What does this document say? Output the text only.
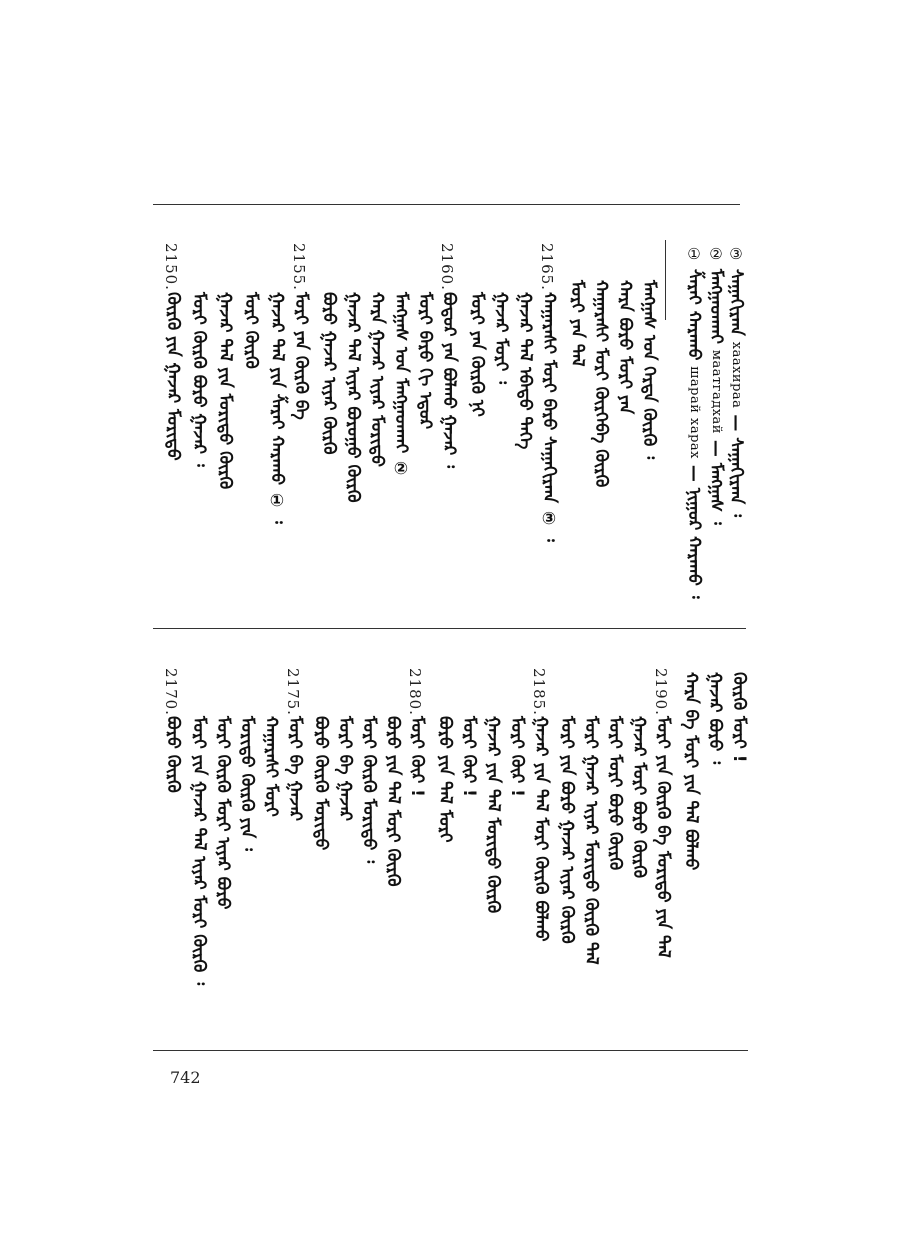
③ ᠰᠠᠭᠠᠬᠢᠷᠬᠠ хаахираа — ᠰᠠᠭᠠᠬᠢᠷᠬᠠ ᠄
② ᠮᠠᠩᠭᠠᠳᠬᠠᠢ маатгадхай — ᠮᠠᠩᠭᠠᠰ ᠄
① ᠱᠠᠷᠠᠢ ᠬᠠᠷᠠᠬᠤ шарай харах — ᠨᠢᠭᠤᠷ ᠬᠠᠷᠠᠬᠤ ᠄
ᠮᠠᠩᠭᠠᠰ ᠤᠨ ᠭᠡᠷᠲᠡ ᠬᠦᠷᠬᠦ ᠄
ᠬᠠᠷᠠ ᠪᠣᠷᠤ ᠮᠣᠷᠢ ᠶᠠᠨ
ᠬᠠᠭᠠᠷᠠᠰᠢ ᠮᠣᠷᠢ ᠬᠦᠷᠭᠡᠪᠡ ᠬᠦᠷᠬᠦ
ᠮᠣᠷᠢ ᠶᠠᠨ ᠲᠠᠯ
2165.
ᠬᠠᠭᠠᠷᠠᠰᠢ ᠮᠣᠷᠢ ᠪᠠᠷᠤ ᠰᠠᠭᠠᠬᠢᠷᠬᠠ ③ ᠄
ᠭᠠᠵᠠᠷ ᠲᠠᠯ ᠡᠪᠡᠳᠦ ᠲᠡᠭᠡ
ᠭᠠᠵᠠᠷ ᠮᠣᠷᠢ ᠄
ᠮᠣᠷᠢ ᠶᠠᠨ ᠬᠦᠷᠬᠦ ᠨᠢ
2160.
ᠪᠤᠳᠤᠷ ᠶᠠᠨ ᠪᠣᠯᠬᠤ ᠭᠠᠵᠠᠷ ᠄
ᠮᠣᠷᠢ ᠪᠠᠷᠤ ᠬᠢ ᠡᠳᠤᠷ
ᠮᠠᠩᠭᠠᠰ ᠤᠨ ᠮᠠᠩᠭᠠᠳᠬᠠᠢ ②
ᠬᠠᠷᠠ ᠭᠠᠵᠠᠷ ᠢᠶᠠᠷ ᠮᠣᠷᠢᠳᠤ
ᠭᠠᠵᠠᠷ ᠲᠠᠯ ᠢᠶᠠᠷ ᠪᠣᠷᠤᠭᠣ ᠬᠦᠷᠬᠦ
ᠪᠣᠷᠤ ᠭᠠᠵᠠᠷ ᠢᠶᠠᠷ ᠬᠦᠷᠬᠦ
2155.
ᠮᠣᠷᠢ ᠶᠠᠨ ᠬᠦᠷᠬᠦ ᠪᠠ
ᠭᠠᠵᠠᠷ ᠲᠠᠯ ᠶᠢᠨ ᠱᠠᠷᠠᠢ ᠬᠠᠷᠠᠬᠤ ① ᠄
ᠮᠣᠷᠢ ᠬᠦᠷᠬᠦ
ᠭᠠᠵᠠᠷ ᠲᠠᠯ ᠶᠢᠨ ᠮᠣᠷᠢᠳᠤ ᠬᠦᠷᠬᠦ
ᠮᠣᠷᠢ ᠬᠦᠷᠬᠦ ᠪᠣᠷᠤ ᠭᠠᠵᠠᠷ ᠄
2150.
ᠬᠦᠷᠬᠦ ᠶᠢᠨ ᠭᠠᠵᠠᠷ ᠮᠣᠷᠢᠳᠤ
ᠬᠦᠷᠬᠦ ᠮᠣᠷᠢ !
ᠭᠠᠵᠠᠷ ᠪᠣᠷᠤ ᠄
ᠬᠠᠷᠠ ᠪᠠ ᠮᠣᠷᠢ ᠶᠢᠨ ᠲᠠᠯ ᠪᠣᠯᠬᠤ
2190.
ᠮᠣᠷᠢ ᠶᠢᠨ ᠬᠦᠷᠬᠦ ᠪᠠ ᠮᠣᠷᠢᠳᠤ ᠶᠢᠨ ᠲᠠᠯ
ᠭᠠᠵᠠᠷ ᠮᠣᠷᠢ ᠪᠣᠷᠤ ᠬᠦᠷᠬᠦ
ᠮᠣᠷᠢ ᠮᠣᠷᠢ ᠪᠣᠷᠤ ᠬᠦᠷᠬᠦ
ᠮᠣᠷᠢ ᠭᠠᠵᠠᠷ ᠢᠶᠠᠷ ᠮᠣᠷᠢᠳᠤ ᠬᠦᠷᠬᠦ ᠲᠠᠯ
ᠮᠣᠷᠢ ᠶᠢᠨ ᠪᠣᠷᠤ ᠭᠠᠵᠠᠷ ᠢᠶᠠᠷ ᠬᠦᠷᠬᠦ
2185.
ᠭᠠᠵᠠᠷ ᠶᠢᠨ ᠲᠠᠯ ᠮᠣᠷᠢ ᠬᠦᠷᠬᠦ ᠪᠣᠯᠬᠤ
ᠮᠣᠷᠢ ᠬᠦᠷ !
ᠭᠠᠵᠠᠷ ᠶᠢᠨ ᠲᠠᠯ ᠮᠣᠷᠢᠳᠤ ᠬᠦᠷᠬᠦ
ᠮᠣᠷᠢ ᠬᠦᠷ !
ᠪᠣᠷᠤ ᠶᠢᠨ ᠲᠠᠯ ᠮᠣᠷᠢ
2180.
ᠮᠣᠷᠢ ᠬᠦᠷ !
ᠪᠣᠷᠤ ᠶᠢᠨ ᠲᠠᠯ ᠮᠣᠷᠢ ᠬᠦᠷᠬᠦ
ᠮᠣᠷᠢ ᠬᠦᠷᠬᠦ ᠮᠣᠷᠢᠳᠤ ᠄
ᠮᠣᠷᠢ ᠪᠠ ᠭᠠᠵᠠᠷ
ᠪᠣᠷᠤ ᠬᠦᠷᠬᠦ ᠮᠣᠷᠢᠳᠤ
2175.
ᠮᠣᠷᠢ ᠪᠠ ᠭᠠᠵᠠᠷ
ᠬᠠᠭᠠᠷᠠᠰᠢ ᠮᠣᠷᠢ
ᠮᠣᠷᠢᠳᠤ ᠬᠦᠷᠬᠦ ᠶᠢᠨ ᠄
ᠮᠣᠷᠢ ᠬᠦᠷᠬᠦ ᠮᠣᠷᠢ ᠢᠶᠠᠷ ᠪᠣᠷᠤ
ᠮᠣᠷᠢ ᠶᠢᠨ ᠭᠠᠵᠠᠷ ᠲᠠᠯ ᠢᠶᠠᠷ ᠮᠣᠷᠢ ᠬᠦᠷᠬᠦ ᠄
2170.
ᠪᠣᠷᠤ ᠬᠦᠷᠬᠦ
742
